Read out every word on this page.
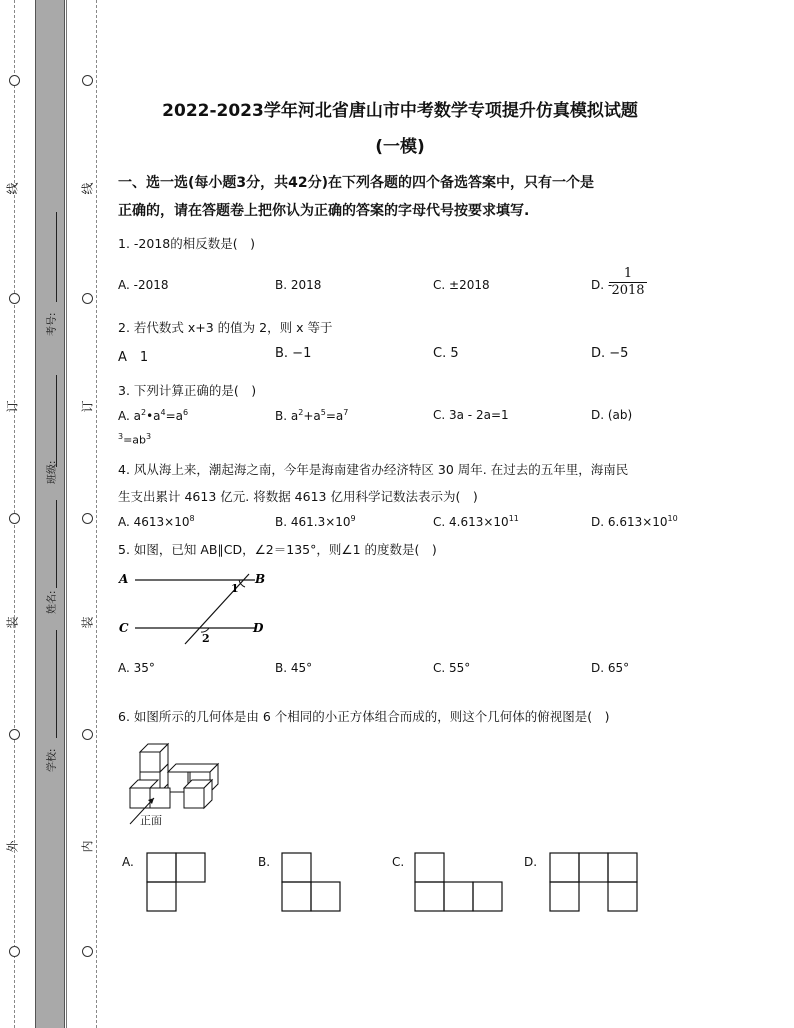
线
订
装
外
线
订
装
内
考号:
班级:
姓名:
学校:
2022-2023学年河北省唐山市中考数学专项提升仿真模拟试题
(一模)
一、选一选(每小题3分，共42分)在下列各题的四个备选答案中，只有一个是
正确的，请在答题卷上把你认为正确的答案的字母代号按要求填写.
1. -2018的相反数是(　)
A. -2018	B. 2018	C. ±2018	D. -
$\frac{1}{2018}$
2. 若代数式 x+3 的值为 2，则 x 等于
A　1	B. −1	C. 5	D. −5
3. 下列计算正确的是(　)
A. $a^2•a^4=a^6$	B. $a^2+a^5=a^7$	C. 3a - 2a=1	D. (ab)
$^3=ab^3$
4. 风从海上来，潮起海之南，今年是海南建省办经济特区 30 周年. 在过去的五年里，海南民
生支出累计 4613 亿元. 将数据 4613 亿用科学记数法表示为(　)
A. $4613\times 10^8$	B. $461.3\times 10^9$	C. $4.613\times 10^{11}$	D. $6.613\times 10^{10}$
5. 如图，已知 AB∥CD，∠2＝135°，则∠1 的度数是(　)
A	B
C	D
1
2
A. 35°	B. 45°	C. 55°	D. 65°
6. 如图所示的几何体是由 6 个相同的小正方体组合而成的，则这个几何体的俯视图是(　)
正面
A.	B.	C.	D.
